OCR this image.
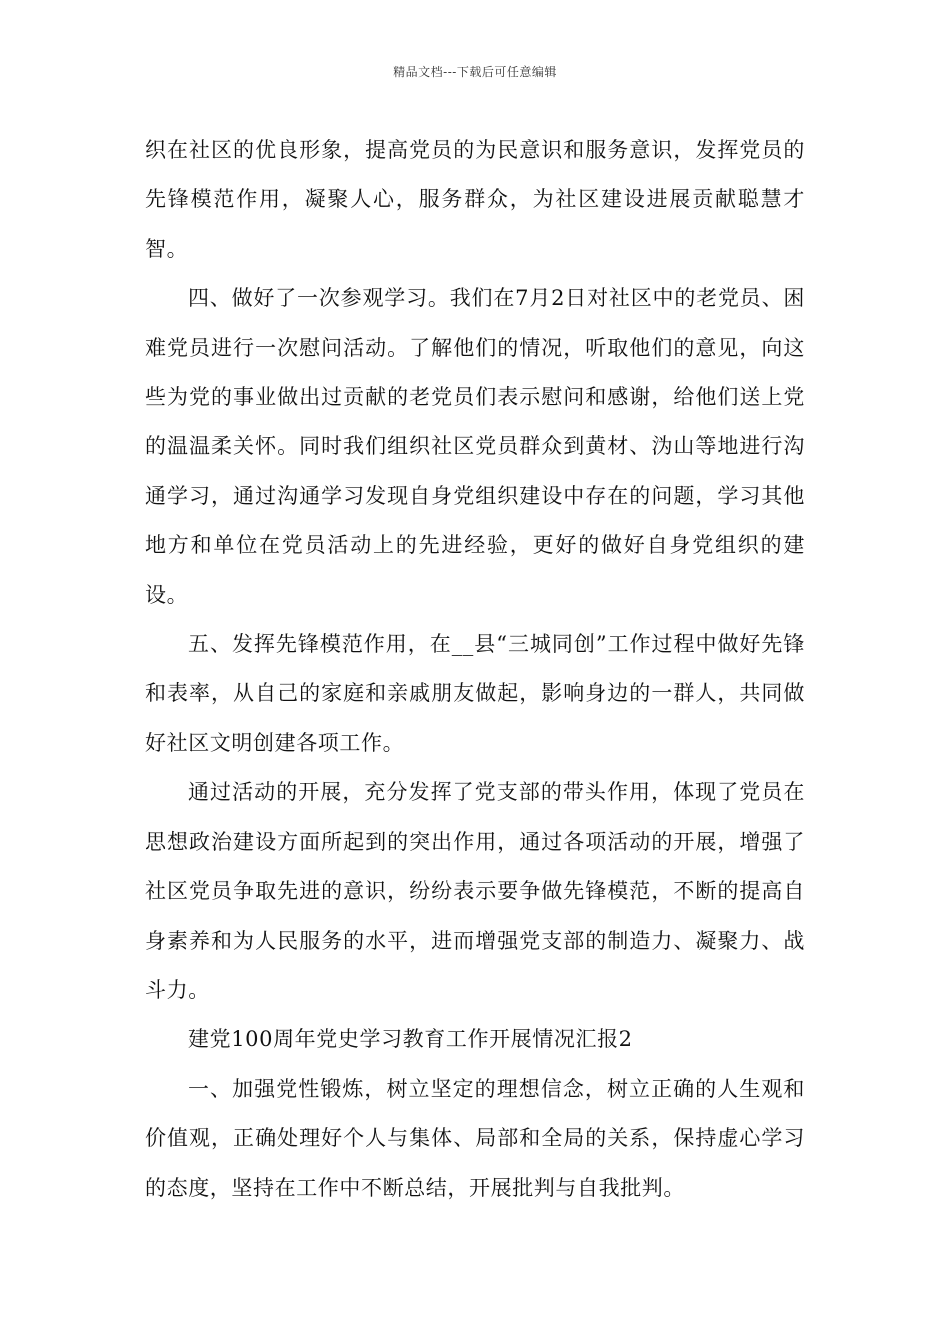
精品文档---下载后可任意编辑

织在社区的优良形象，提高党员的为民意识和服务意识，发挥党员的先锋模范作用，凝聚人心，服务群众，为社区建设进展贡献聪慧才智。

四、做好了一次参观学习。我们在7月2日对社区中的老党员、困难党员进行一次慰问活动。了解他们的情况，听取他们的意见，向这些为党的事业做出过贡献的老党员们表示慰问和感谢，给他们送上党的温温柔关怀。同时我们组织社区党员群众到黄材、沩山等地进行沟通学习，通过沟通学习发现自身党组织建设中存在的问题，学习其他地方和单位在党员活动上的先进经验，更好的做好自身党组织的建设。

五、发挥先锋模范作用，在__县“三城同创”工作过程中做好先锋和表率，从自己的家庭和亲戚朋友做起，影响身边的一群人，共同做好社区文明创建各项工作。

通过活动的开展，充分发挥了党支部的带头作用，体现了党员在思想政治建设方面所起到的突出作用，通过各项活动的开展，增强了社区党员争取先进的意识，纷纷表示要争做先锋模范，不断的提高自身素养和为人民服务的水平，进而增强党支部的制造力、凝聚力、战斗力。

建党100周年党史学习教育工作开展情况汇报2

一、加强党性锻炼，树立坚定的理想信念，树立正确的人生观和价值观，正确处理好个人与集体、局部和全局的关系，保持虚心学习的态度，坚持在工作中不断总结，开展批判与自我批判。
